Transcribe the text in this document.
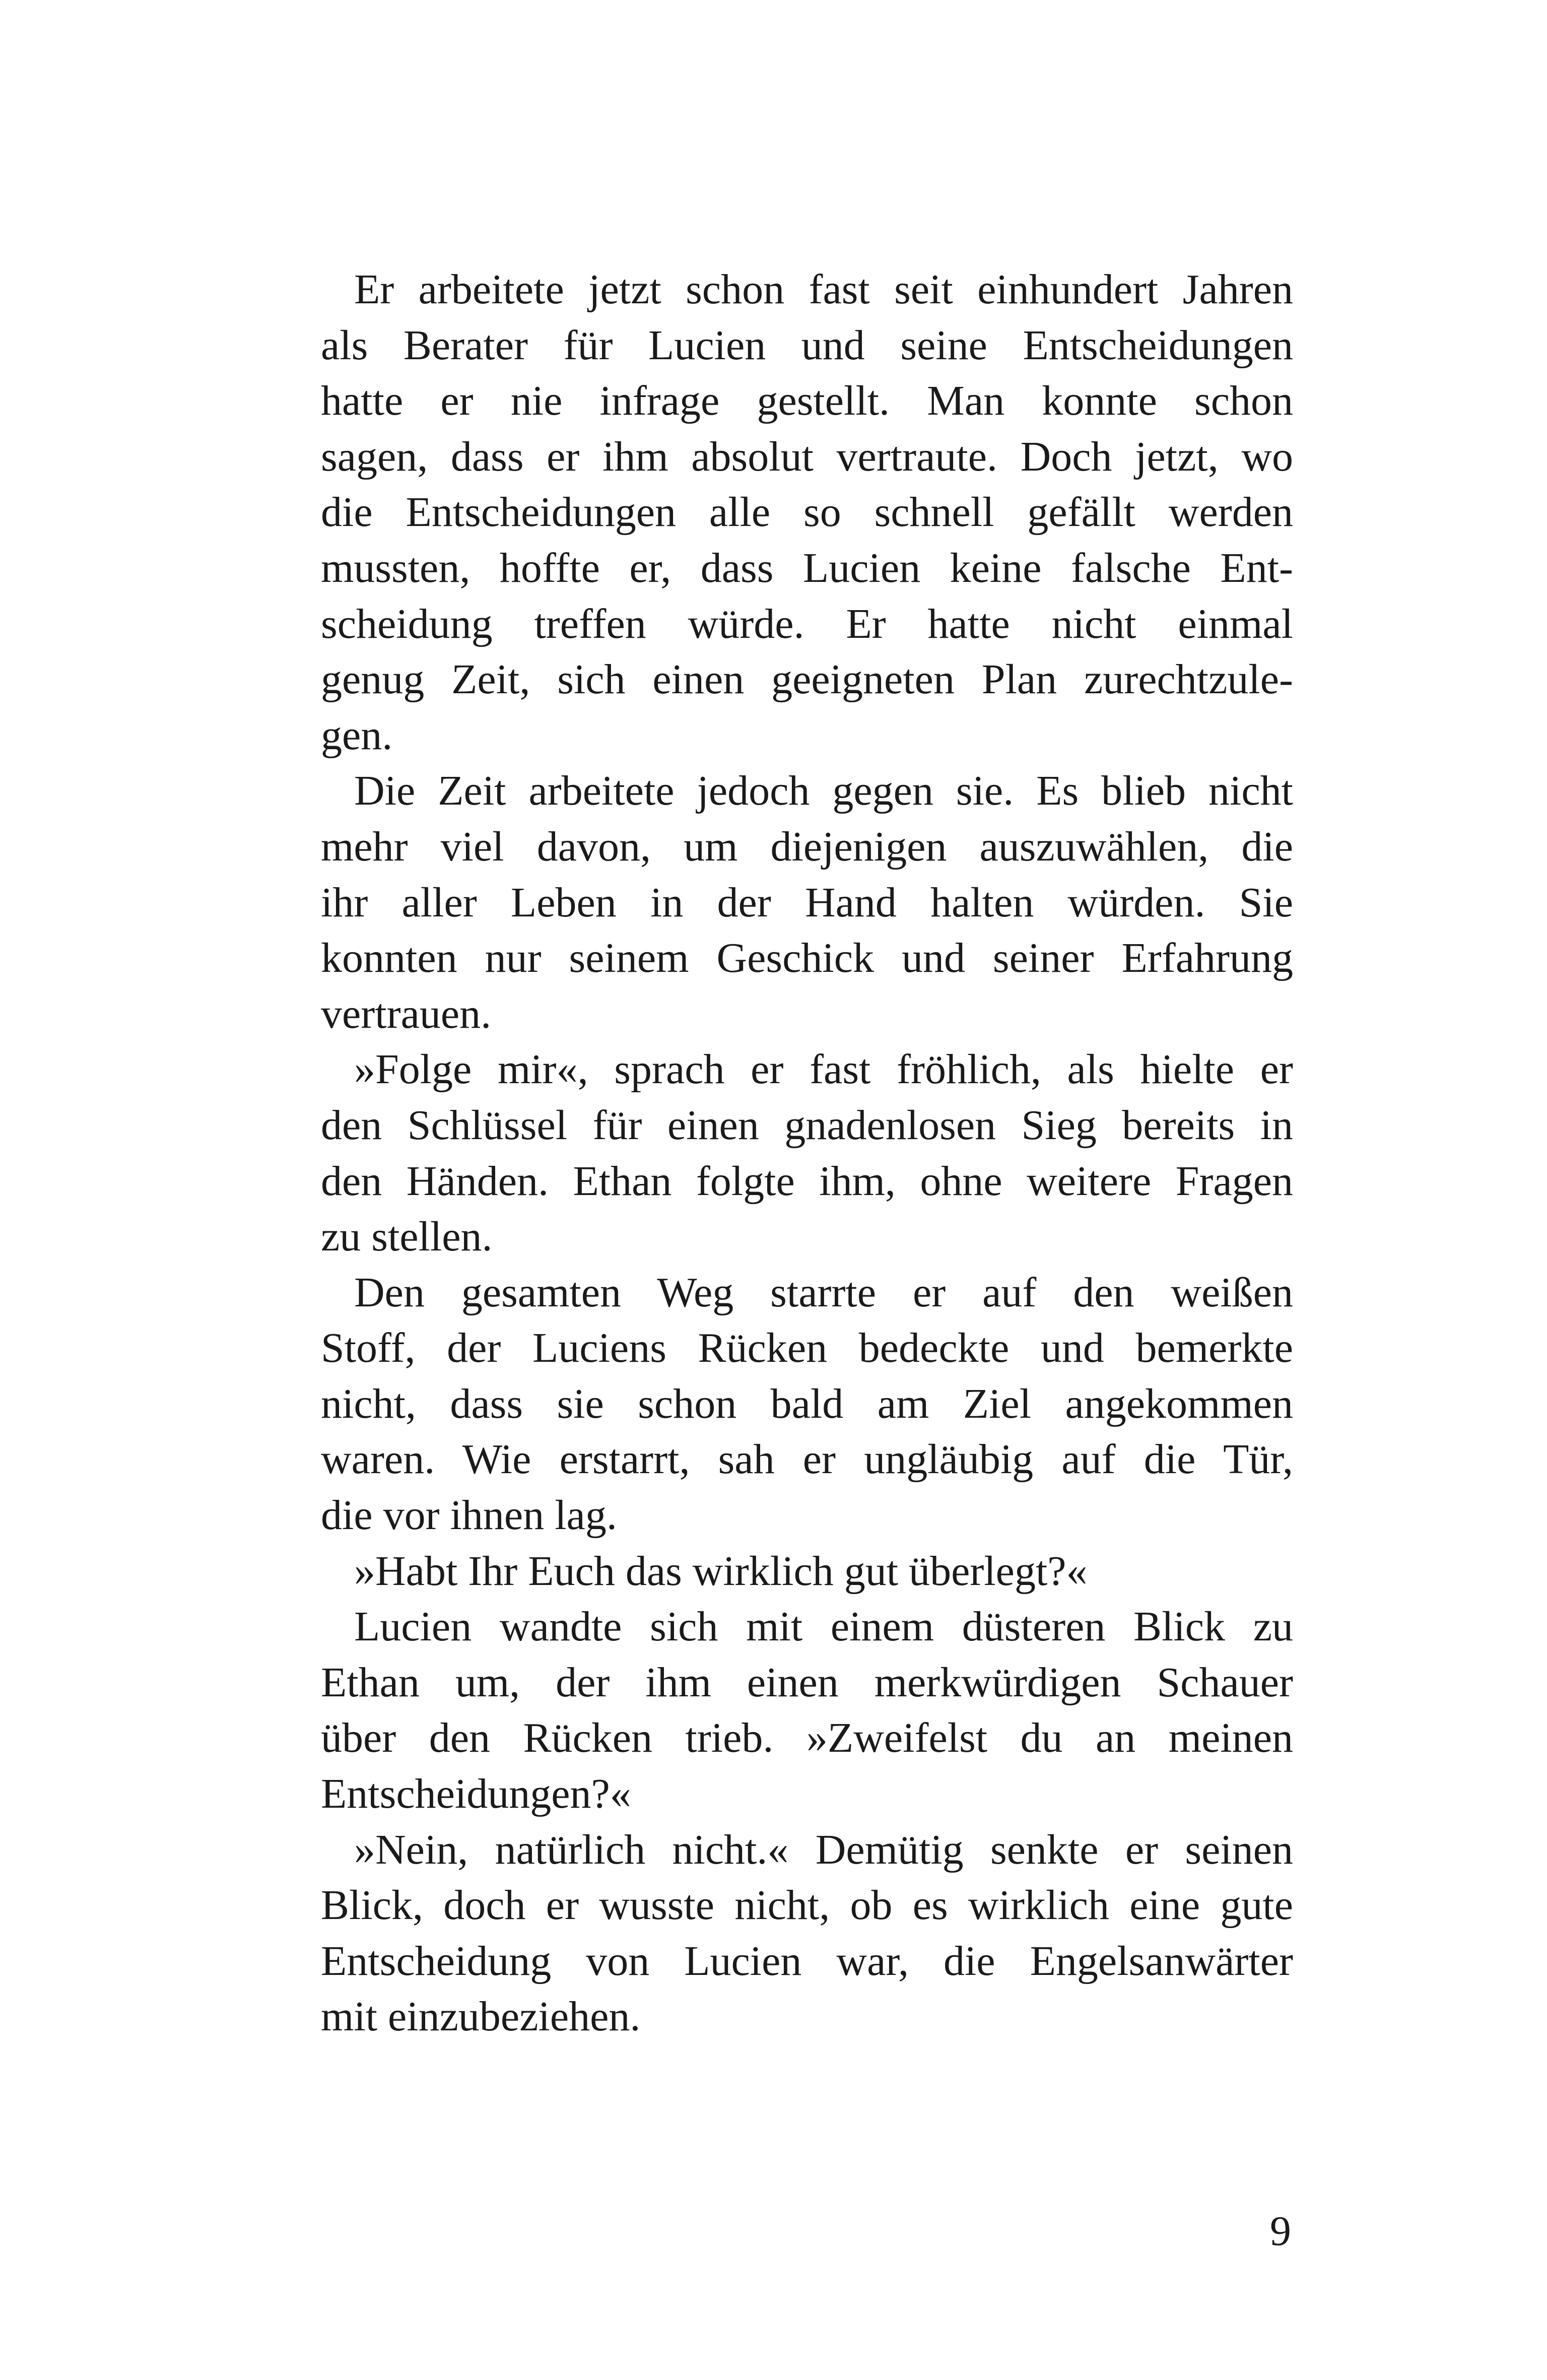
Er arbeitete jetzt schon fast seit einhundert Jahren
als Berater für Lucien und seine Entscheidungen
hatte er nie infrage gestellt. Man konnte schon
sagen, dass er ihm absolut vertraute. Doch jetzt, wo
die Entscheidungen alle so schnell gefällt werden
mussten, hoffte er, dass Lucien keine falsche Ent-
scheidung treffen würde. Er hatte nicht einmal
genug Zeit, sich einen geeigneten Plan zurechtzule-
gen.
Die Zeit arbeitete jedoch gegen sie. Es blieb nicht
mehr viel davon, um diejenigen auszuwählen, die
ihr aller Leben in der Hand halten würden. Sie
konnten nur seinem Geschick und seiner Erfahrung
vertrauen.
»Folge mir«, sprach er fast fröhlich, als hielte er
den Schlüssel für einen gnadenlosen Sieg bereits in
den Händen. Ethan folgte ihm, ohne weitere Fragen
zu stellen.
Den gesamten Weg starrte er auf den weißen
Stoff, der Luciens Rücken bedeckte und bemerkte
nicht, dass sie schon bald am Ziel angekommen
waren. Wie erstarrt, sah er ungläubig auf die Tür,
die vor ihnen lag.
»Habt Ihr Euch das wirklich gut überlegt?«
Lucien wandte sich mit einem düsteren Blick zu
Ethan um, der ihm einen merkwürdigen Schauer
über den Rücken trieb. »Zweifelst du an meinen
Entscheidungen?«
»Nein, natürlich nicht.« Demütig senkte er seinen
Blick, doch er wusste nicht, ob es wirklich eine gute
Entscheidung von Lucien war, die Engelsanwärter
mit einzubeziehen.
9
